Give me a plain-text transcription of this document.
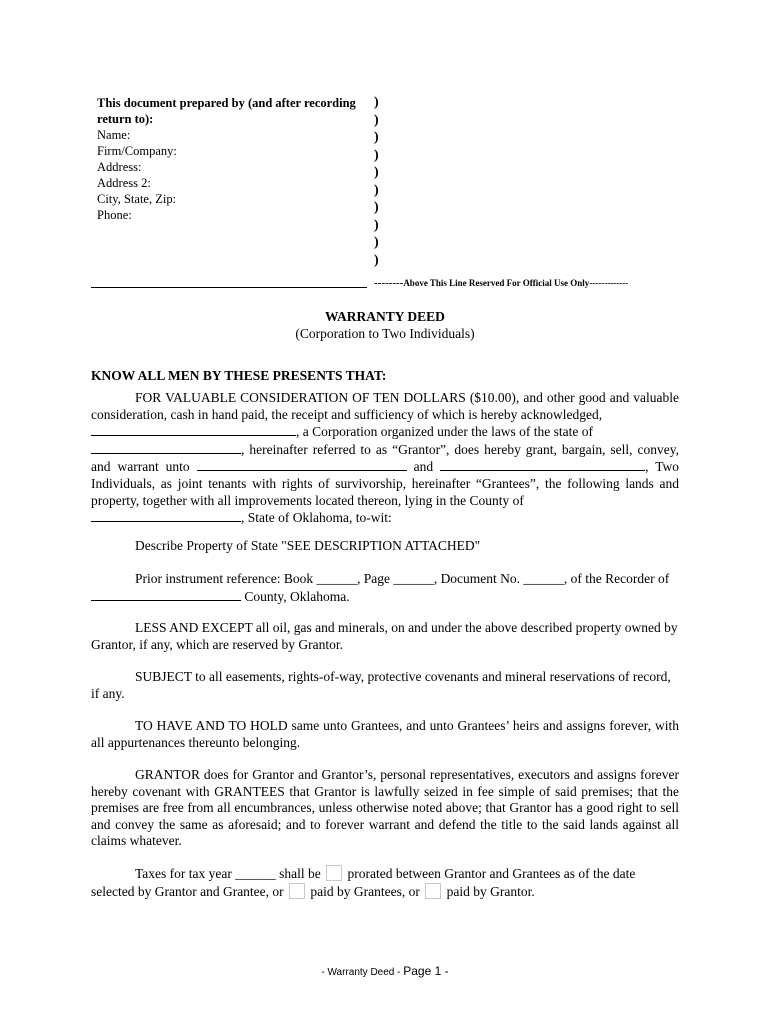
This document prepared by (and after recording return to):
Name:
Firm/Company:
Address:
Address 2:
City, State, Zip:
Phone:
)
)
)
)
)
)
)
)
)
)
--------Above This Line Reserved For Official Use Only-------------
WARRANTY DEED
(Corporation to Two Individuals)
KNOW ALL MEN BY THESE PRESENTS THAT:
FOR VALUABLE CONSIDERATION OF TEN DOLLARS ($10.00), and other good and valuable consideration, cash in hand paid, the receipt and sufficiency of which is hereby acknowledged,
, a Corporation organized under the laws of the state of
, hereinafter referred to as “Grantor”, does hereby grant, bargain, sell, convey, and warrant unto	and	, Two Individuals, as joint tenants with rights of survivorship, hereinafter “Grantees”, the following lands and property, together with all improvements located thereon, lying in the County of
, State of Oklahoma, to-wit:
Describe Property of State "SEE DESCRIPTION ATTACHED"
Prior instrument reference: Book ______, Page ______, Document No. ______, of the Recorder of
County, Oklahoma.
LESS AND EXCEPT all oil, gas and minerals, on and under the above described property owned by Grantor, if any, which are reserved by Grantor.
SUBJECT to all easements, rights-of-way, protective covenants and mineral reservations of record, if any.
TO HAVE AND TO HOLD same unto Grantees, and unto Grantees’ heirs and assigns forever, with all appurtenances thereunto belonging.
GRANTOR does for Grantor and Grantor’s, personal representatives, executors and assigns forever hereby covenant with GRANTEES that Grantor is lawfully seized in fee simple of said premises; that the premises are free from all encumbrances, unless otherwise noted above; that Grantor has a good right to sell and convey the same as aforesaid; and to forever warrant and defend the title to the said lands against all claims whatever.
Taxes for tax year ______ shall be prorated between Grantor and Grantees as of the date selected by Grantor and Grantee, or paid by Grantees, or paid by Grantor.
- Warranty Deed - Page 1 -
